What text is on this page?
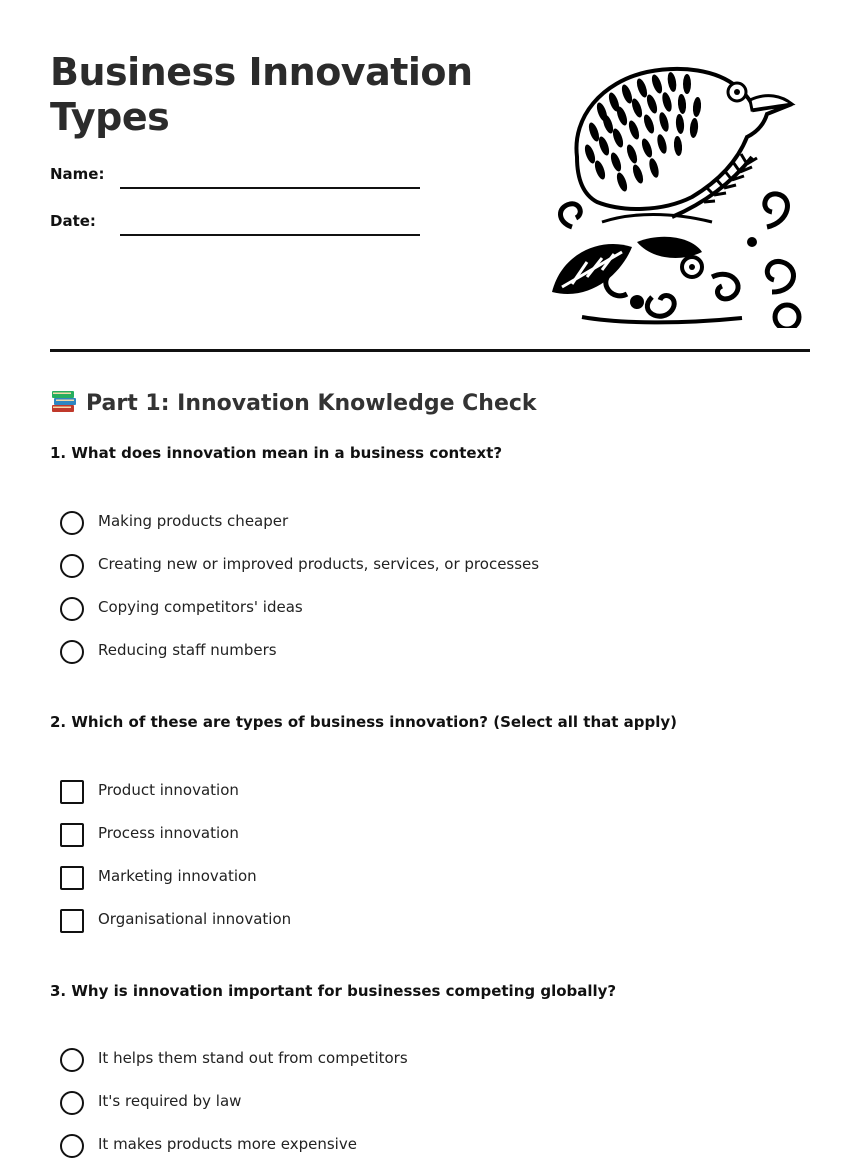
Business Innovation
Types
Name:
Date:
Part 1: Innovation Knowledge Check

1. What does innovation mean in a business context?

Making products cheaper
Creating new or improved products, services, or processes
Copying competitors' ideas
Reducing staff numbers

2. Which of these are types of business innovation? (Select all that apply)

Product innovation
Process innovation
Marketing innovation
Organisational innovation

3. Why is innovation important for businesses competing globally?

It helps them stand out from competitors
It's required by law
It makes products more expensive
